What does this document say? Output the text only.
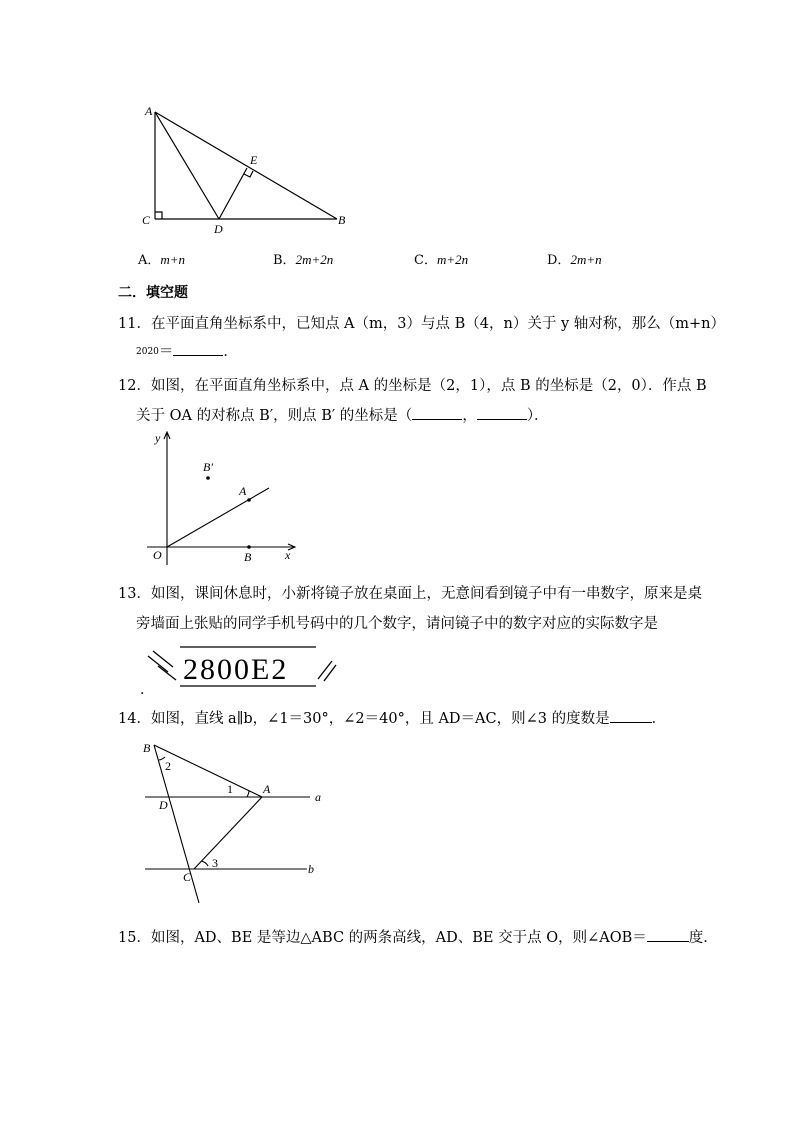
A
E
C
D
B
A．m+n	B．2m+2n	C．m+2n	D．2m+n
二．填空题
11．在平面直角坐标系中，已知点 A（m，3）与点 B（4，n）关于 y 轴对称，那么（m+n）
2020＝	．
12．如图，在平面直角坐标系中，点 A 的坐标是（2，1），点 B 的坐标是（2，0）．作点 B
关于 OA 的对称点 B′，则点 B′ 的坐标是（	，	）．
y
x
O
A
B
B′
13．如图，课间休息时，小新将镜子放在桌面上，无意间看到镜子中有一串数字，原来是桌
旁墙面上张贴的同学手机号码中的几个数字，请问镜子中的数字对应的实际数字是
2800E2
．
14．如图，直线 a∥b，∠1＝30°，∠2＝40°，且 AD＝AC，则∠3 的度数是	．
B
A
D
C
a
b
1
2
3
15．如图，AD、BE 是等边△ABC 的两条高线，AD、BE 交于点 O，则∠AOB＝	度．
